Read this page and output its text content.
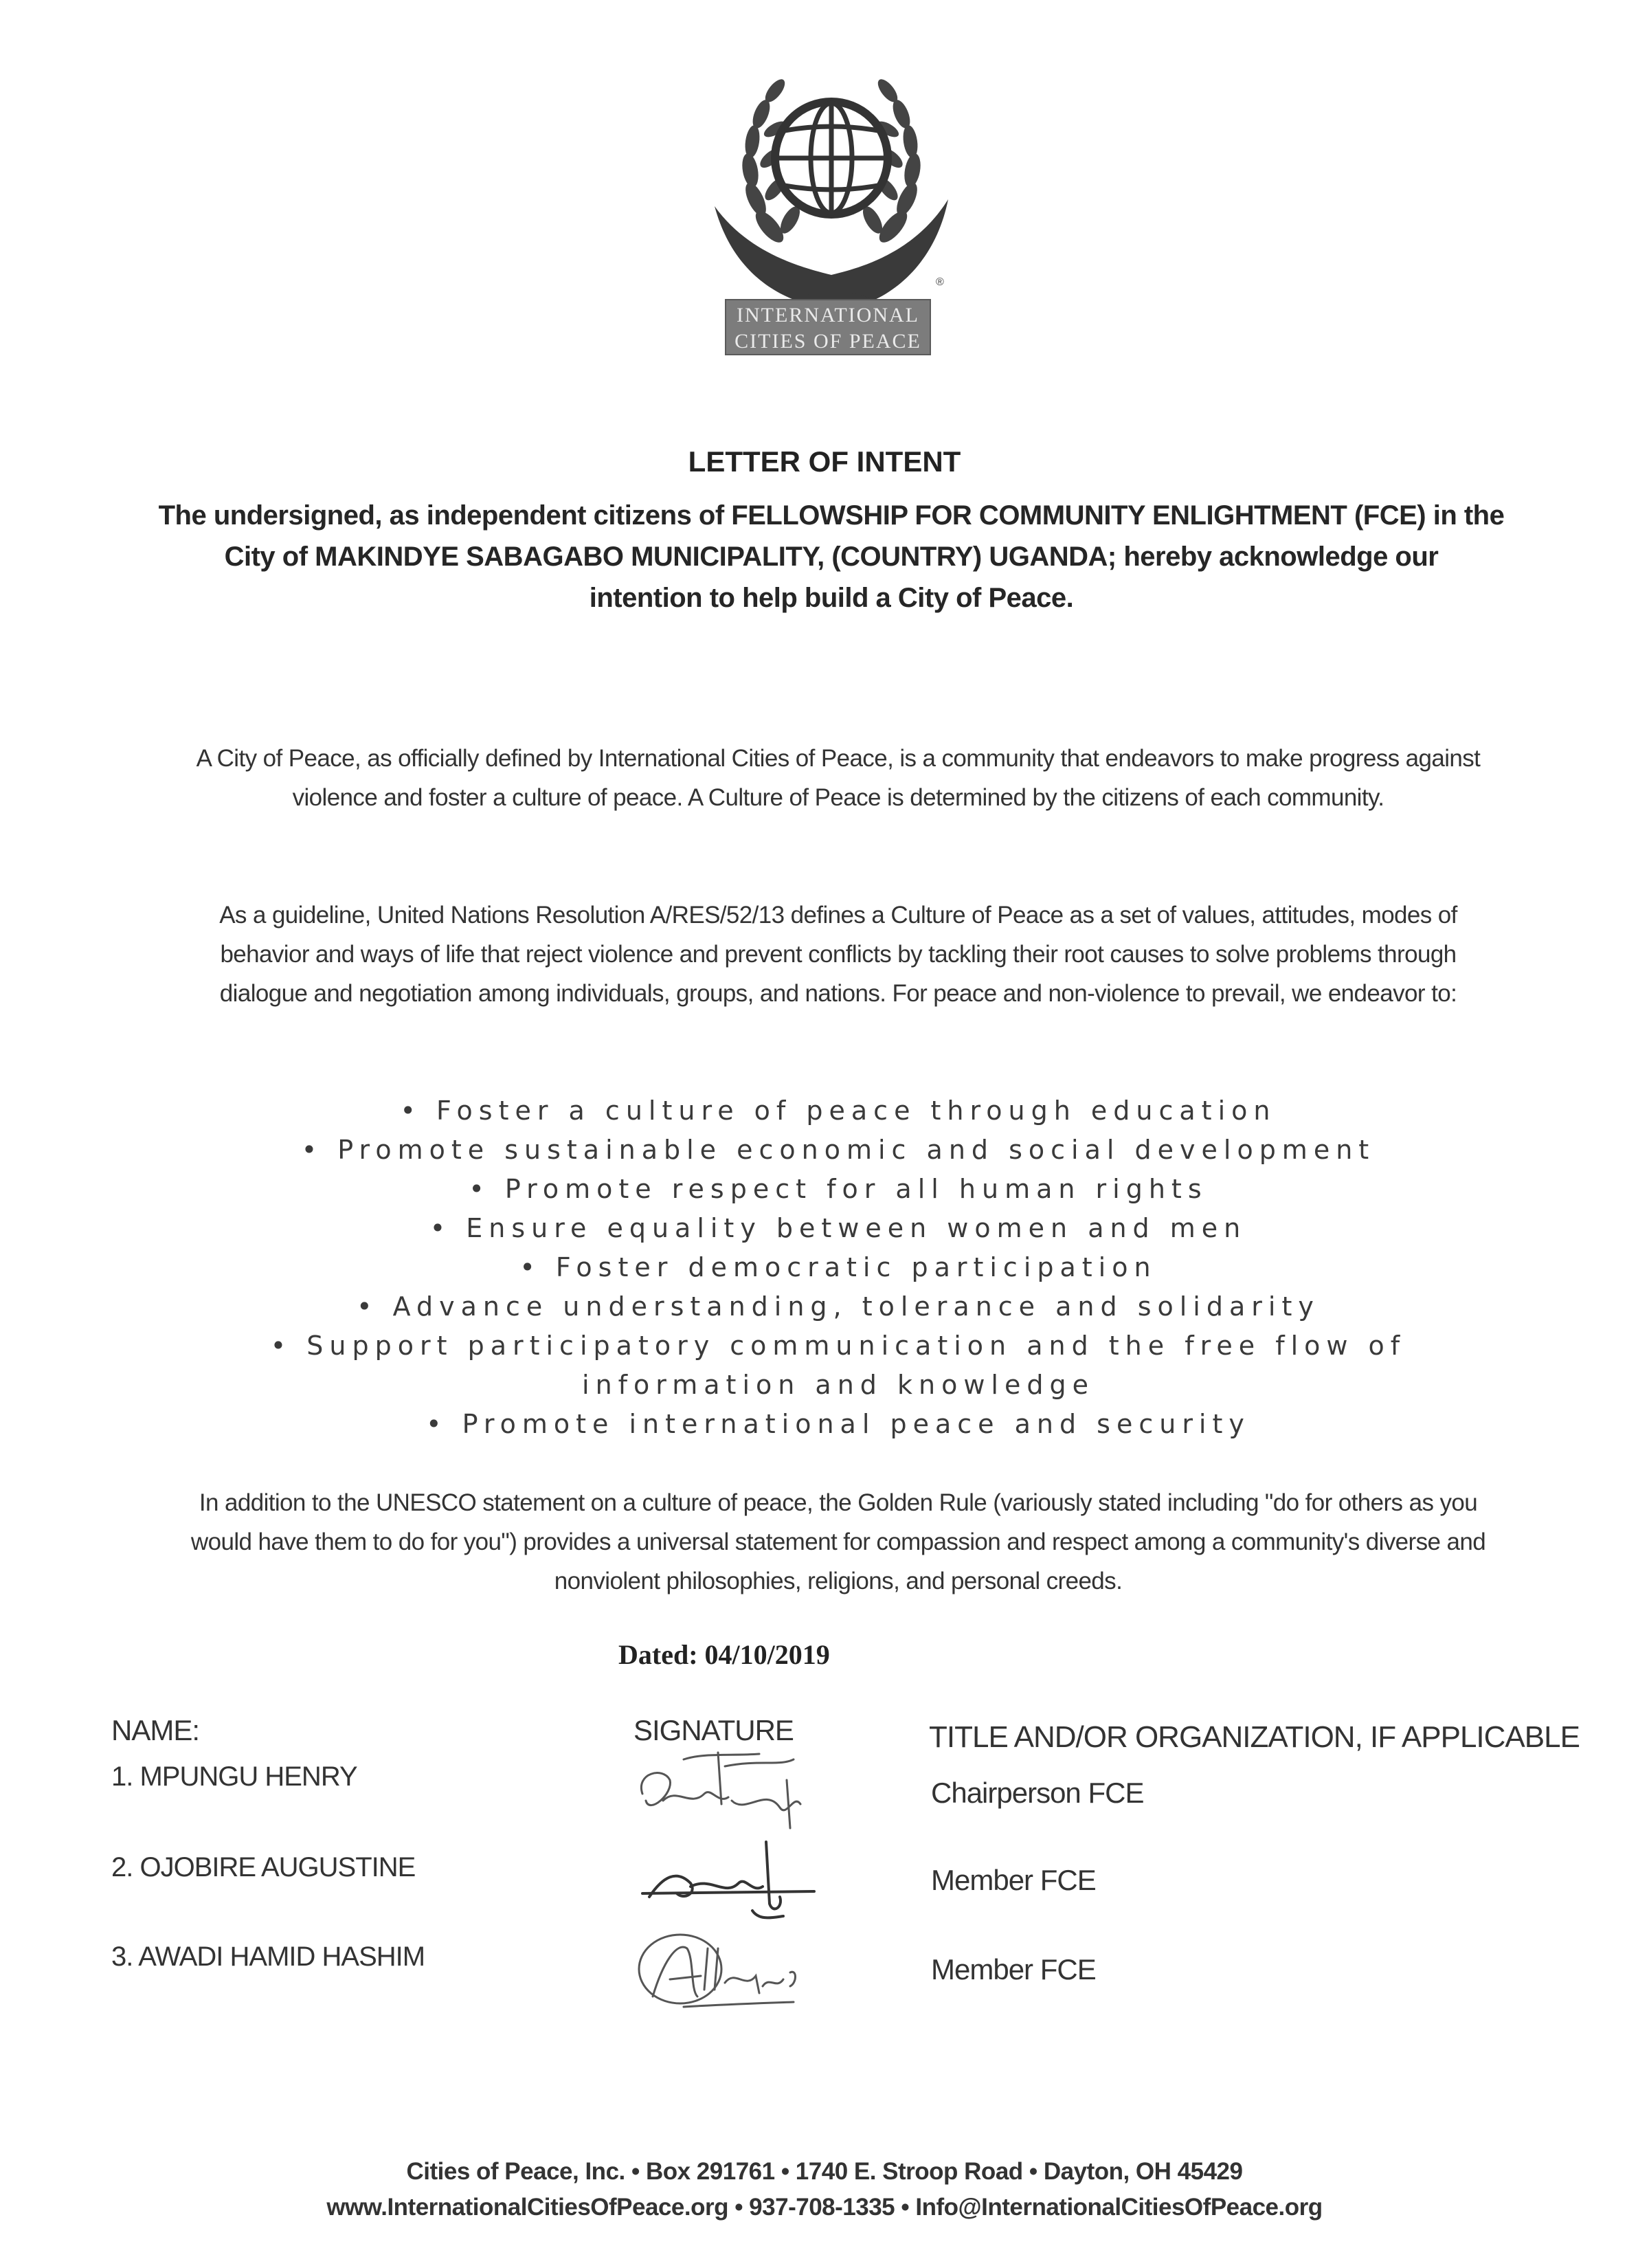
®
INTERNATIONAL
CITIES OF PEACE
LETTER OF INTENT
The undersigned, as independent citizens of FELLOWSHIP FOR COMMUNITY ENLIGHTMENT (FCE) in the
City of MAKINDYE SABAGABO MUNICIPALITY, (COUNTRY) UGANDA; hereby acknowledge our
intention to help build a City of Peace.
A City of Peace, as officially defined by International Cities of Peace, is a community that endeavors to make progress against violence and foster a culture of peace. A Culture of Peace is determined by the citizens of each community.
As a guideline, United Nations Resolution A/RES/52/13 defines a Culture of Peace as a set of values, attitudes, modes of behavior and ways of life that reject violence and prevent conflicts by tackling their root causes to solve problems through dialogue and negotiation among individuals, groups, and nations. For peace and non-violence to prevail, we endeavor to:
• Foster a culture of peace through education
• Promote sustainable economic and social development
• Promote respect for all human rights
• Ensure equality between women and men
• Foster democratic participation
• Advance understanding, tolerance and solidarity
• Support participatory communication and the free flow of information and knowledge
• Promote international peace and security
In addition to the UNESCO statement on a culture of peace, the Golden Rule (variously stated including "do for others as you would have them to do for you") provides a universal statement for compassion and respect among a community's diverse and nonviolent philosophies, religions, and personal creeds.
Dated: 04/10/2019
NAME:	SIGNATURE	TITLE AND/OR ORGANIZATION, IF APPLICABLE
1. MPUNGU HENRY	Chairperson FCE
2. OJOBIRE AUGUSTINE	Member FCE
3. AWADI HAMID HASHIM	Member FCE
Cities of Peace, Inc. • Box 291761 • 1740 E. Stroop Road • Dayton, OH 45429
www.InternationalCitiesOfPeace.org • 937-708-1335 • Info@InternationalCitiesOfPeace.org
